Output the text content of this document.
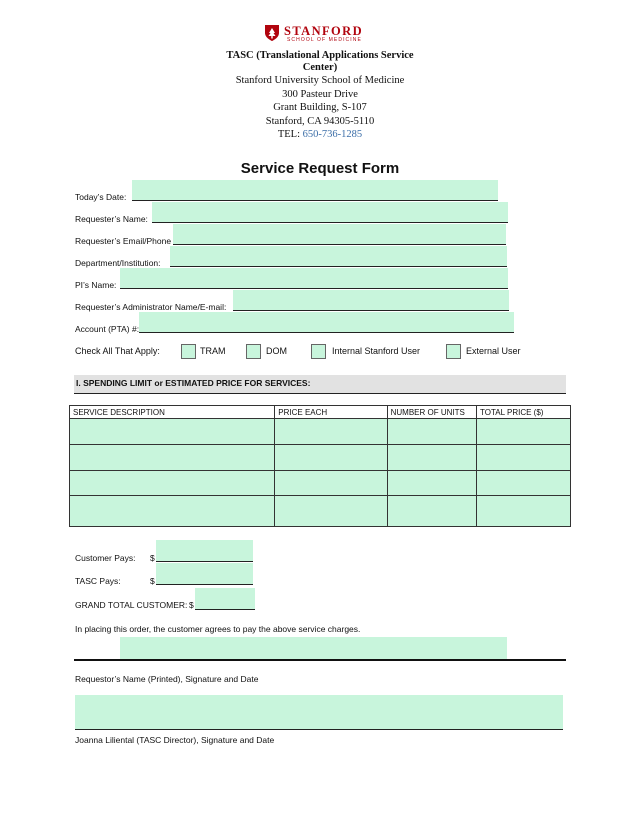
STANFORD
SCHOOL OF MEDICINE
TASC (Translational Applications Service
Center)
Stanford University School of Medicine
300 Pasteur Drive
Grant Building, S-107
Stanford, CA 94305-5110
TEL: 650-736-1285
Service Request Form
Today’s Date:
Requester’s Name:
Requester’s Email/Phone
Department/Institution:
PI’s Name:
Requester’s Administrator Name/E-mail:
Account (PTA) #:
Check All That Apply:	TRAM	DOM	Internal Stanford User	External User
I. SPENDING LIMIT or ESTIMATED PRICE FOR SERVICES:
SERVICE DESCRIPTION	PRICE EACH	NUMBER OF UNITS	TOTAL PRICE ($)

Customer Pays: $
TASC Pays:	$
GRAND TOTAL CUSTOMER: $
In placing this order, the customer agrees to pay the above service charges.
Requestor’s Name (Printed), Signature and Date
Joanna Liliental (TASC Director), Signature and Date
